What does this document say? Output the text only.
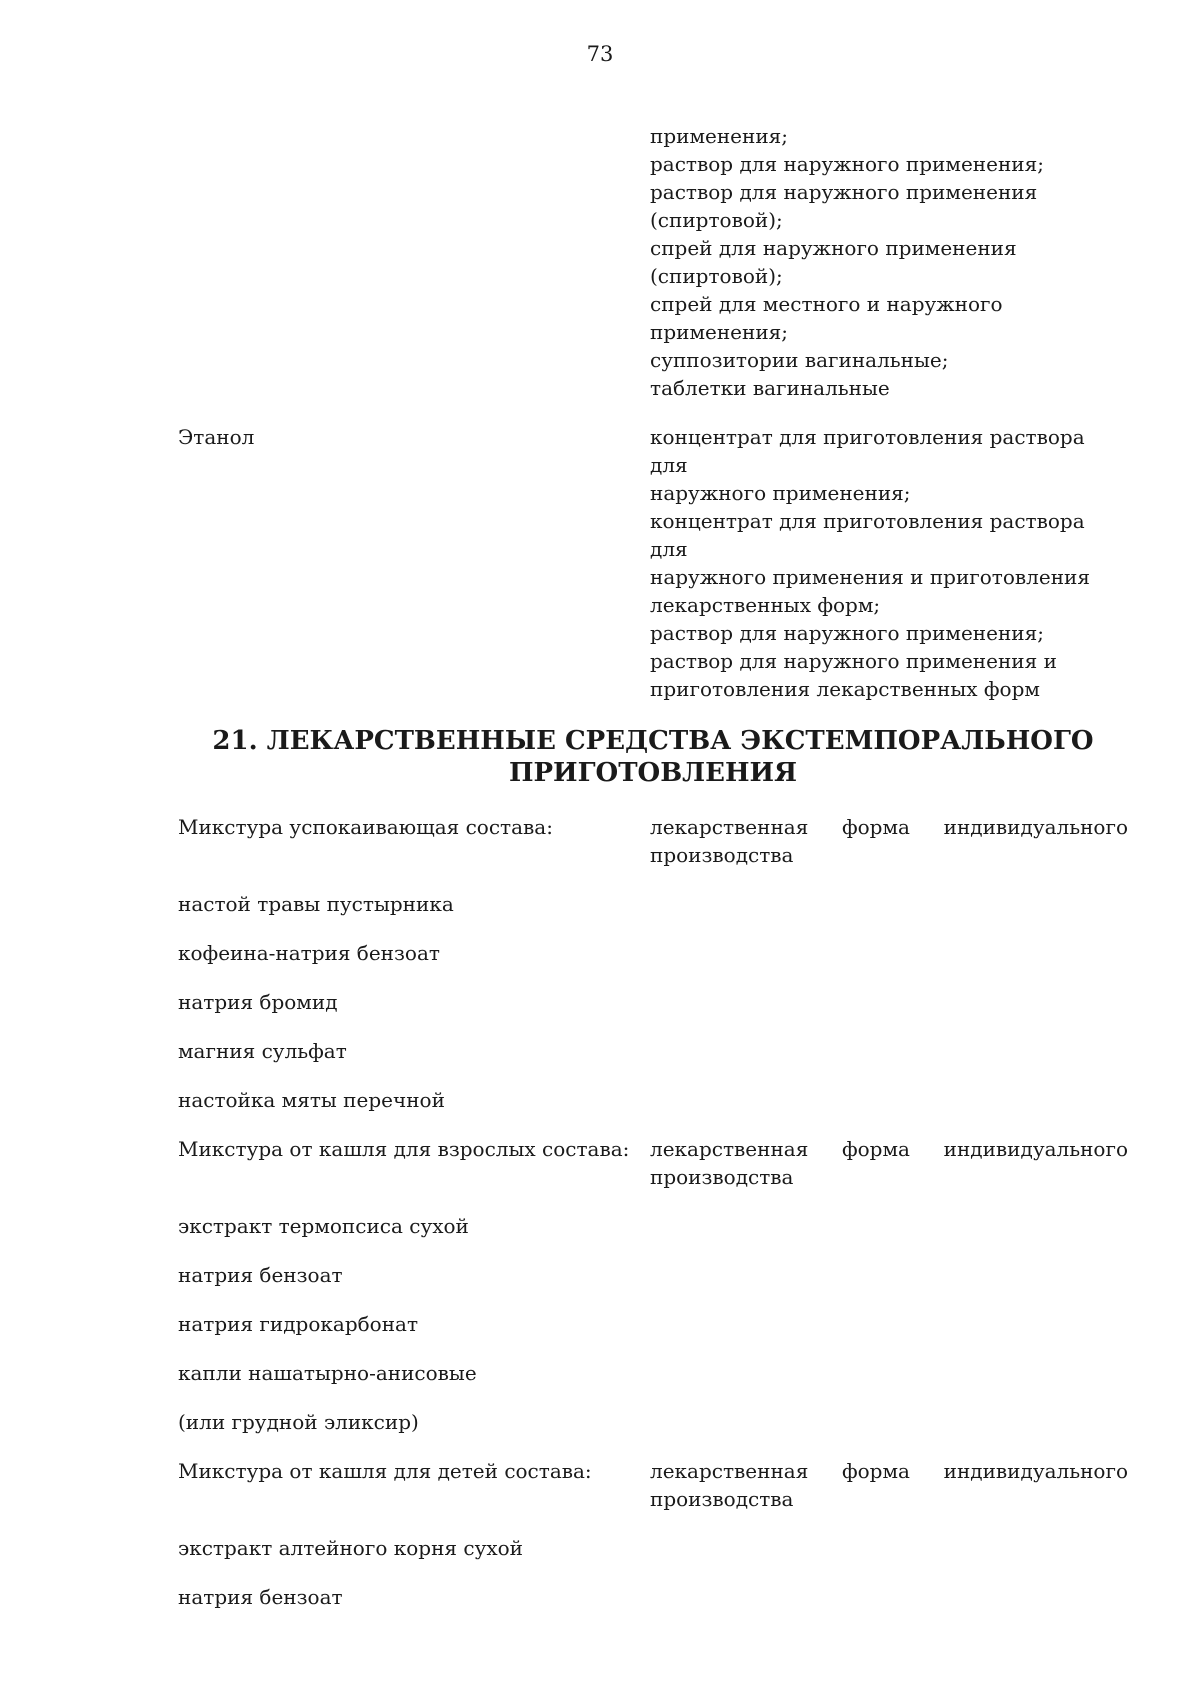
73
применения;
раствор для наружного применения;
раствор для наружного применения
(спиртовой);
спрей для наружного применения
(спиртовой);
спрей для местного и наружного
применения;
суппозитории вагинальные;
таблетки вагинальные
Этанол	концентрат для приготовления раствора для
наружного применения;
концентрат для приготовления раствора для
наружного применения и приготовления
лекарственных форм;
раствор для наружного применения;
раствор для наружного применения и
приготовления лекарственных форм
21. ЛЕКАРСТВЕННЫЕ СРЕДСТВА ЭКСТЕМПОРАЛЬНОГО
ПРИГОТОВЛЕНИЯ
Микстура успокаивающая состава:	лекарственная форма индивидуального
производства
настой травы пустырника
кофеина-натрия бензоат
натрия бромид
магния сульфат
настойка мяты перечной
Микстура от кашля для взрослых состава:	лекарственная форма индивидуального
производства
экстракт термопсиса сухой
натрия бензоат
натрия гидрокарбонат
капли нашатырно-анисовые
(или грудной эликсир)
Микстура от кашля для детей состава:	лекарственная форма индивидуального
производства
экстракт алтейного корня сухой
натрия бензоат
